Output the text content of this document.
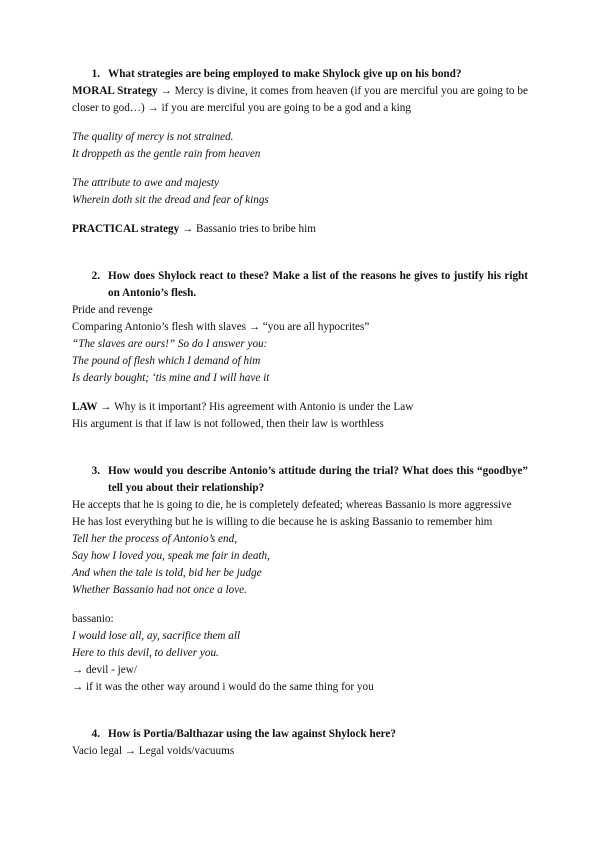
1. What strategies are being employed to make Shylock give up on his bond?
MORAL Strategy → Mercy is divine, it comes from heaven (if you are merciful you are going to be closer to god…) → if you are merciful you are going to be a god and a king
The quality of mercy is not strained.
It droppeth as the gentle rain from heaven
The attribute to awe and majesty
Wherein doth sit the dread and fear of kings
PRACTICAL strategy → Bassanio tries to bribe him
2. How does Shylock react to these? Make a list of the reasons he gives to justify his right on Antonio’s flesh.
Pride and revenge
Comparing Antonio’s flesh with slaves → “you are all hypocrites”
“The slaves are ours!” So do I answer you:
The pound of flesh which I demand of him
Is dearly bought; ‘tis mine and I will have it
LAW → Why is it important? His agreement with Antonio is under the Law
His argument is that if law is not followed, then their law is worthless
3. How would you describe Antonio’s attitude during the trial? What does this “goodbye” tell you about their relationship?
He accepts that he is going to die, he is completely defeated; whereas Bassanio is more aggressive
He has lost everything but he is willing to die because he is asking Bassanio to remember him
Tell her the process of Antonio’s end,
Say how I loved you, speak me fair in death,
And when the tale is told, bid her be judge
Whether Bassanio had not once a love.
bassanio:
I would lose all, ay, sacrifice them all
Here to this devil, to deliver you.
→ devil - jew/
→ if it was the other way around i would do the same thing for you
4. How is Portia/Balthazar using the law against Shylock here?
Vacio legal → Legal voids/vacuums
